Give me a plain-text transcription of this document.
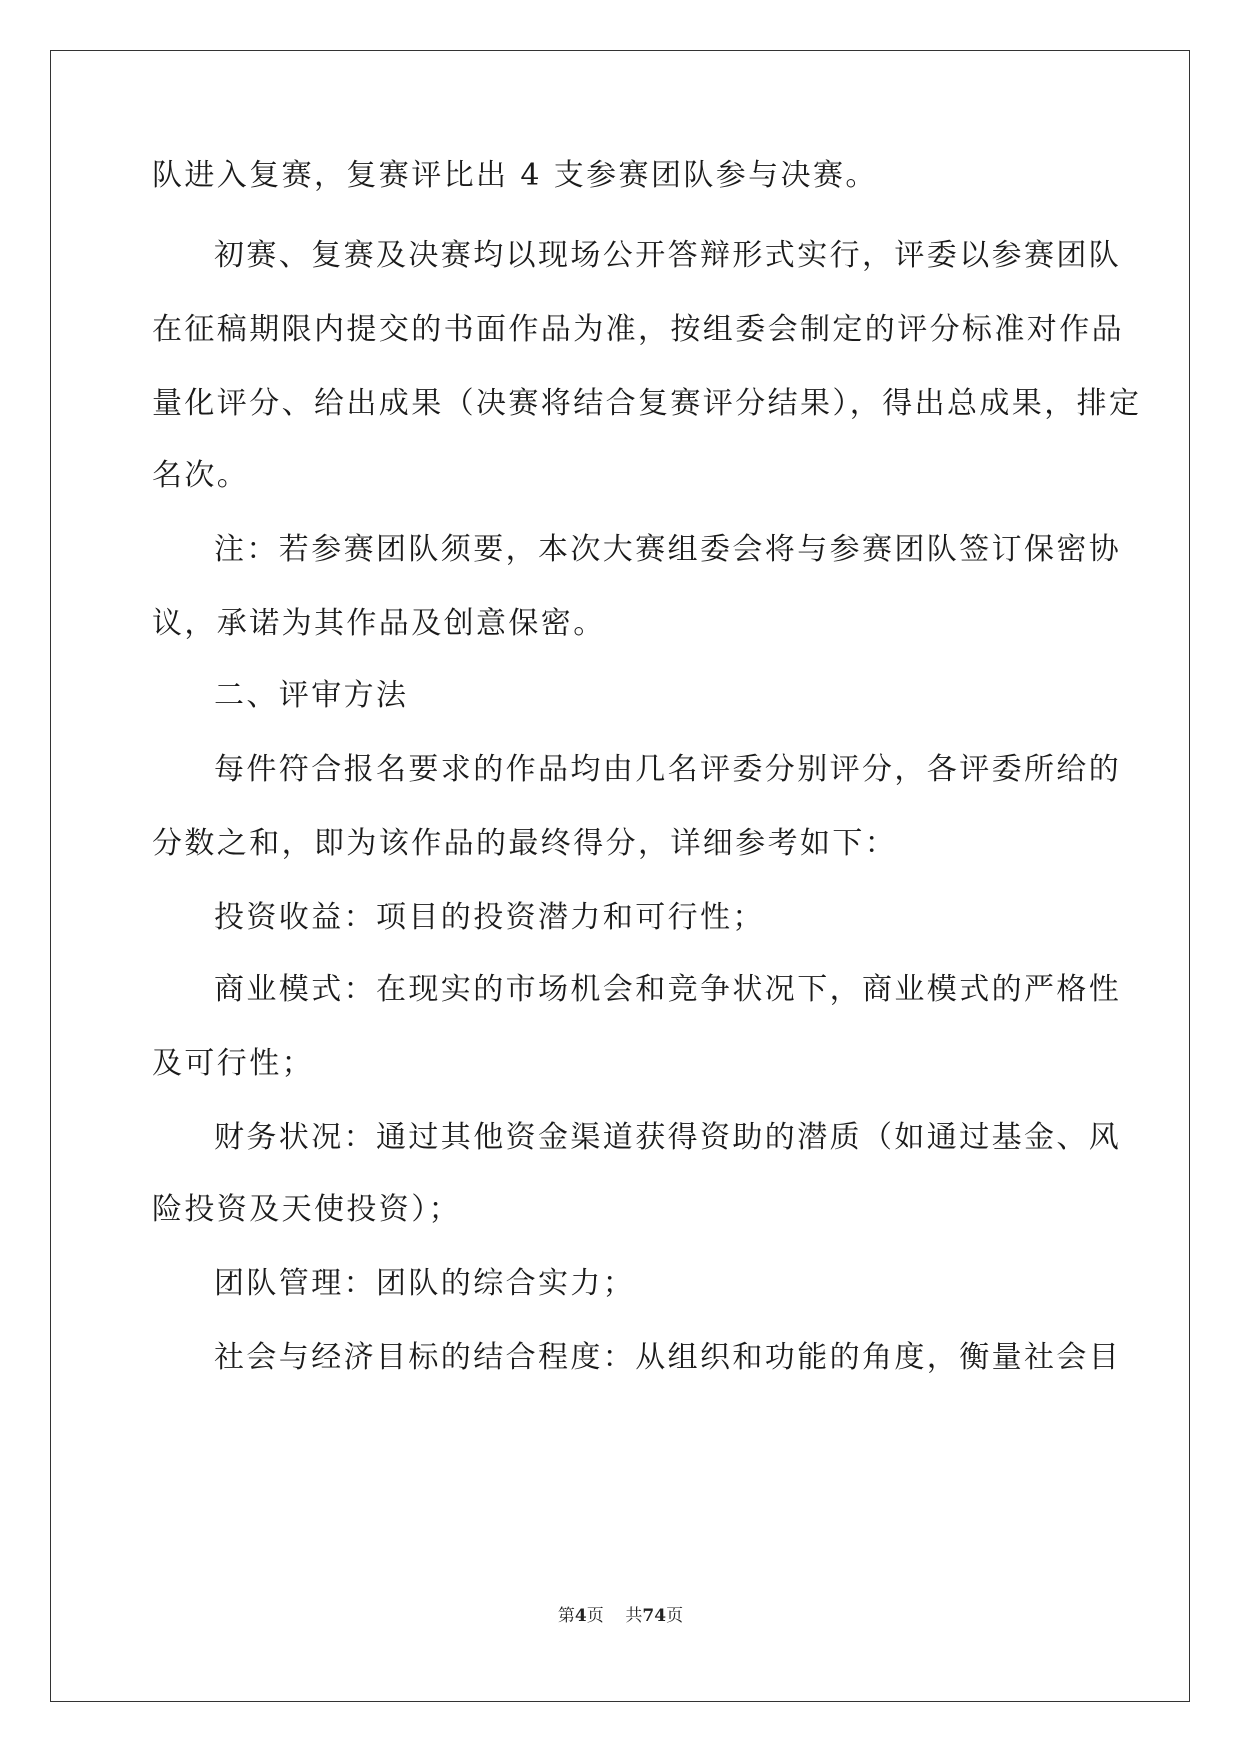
队进入复赛，复赛评比出 4 支参赛团队参与决赛。
初赛、复赛及决赛均以现场公开答辩形式实行，评委以参赛团队
在征稿期限内提交的书面作品为准，按组委会制定的评分标准对作品
量化评分、给出成果（决赛将结合复赛评分结果），得出总成果，排定
名次。
注：若参赛团队须要，本次大赛组委会将与参赛团队签订保密协
议，承诺为其作品及创意保密。
二、评审方法
每件符合报名要求的作品均由几名评委分别评分，各评委所给的
分数之和，即为该作品的最终得分，详细参考如下：
投资收益：项目的投资潜力和可行性；
商业模式：在现实的市场机会和竞争状况下，商业模式的严格性
及可行性；
财务状况：通过其他资金渠道获得资助的潜质（如通过基金、风
险投资及天使投资）；
团队管理：团队的综合实力；
社会与经济目标的结合程度：从组织和功能的角度，衡量社会目
第4页 共74页
